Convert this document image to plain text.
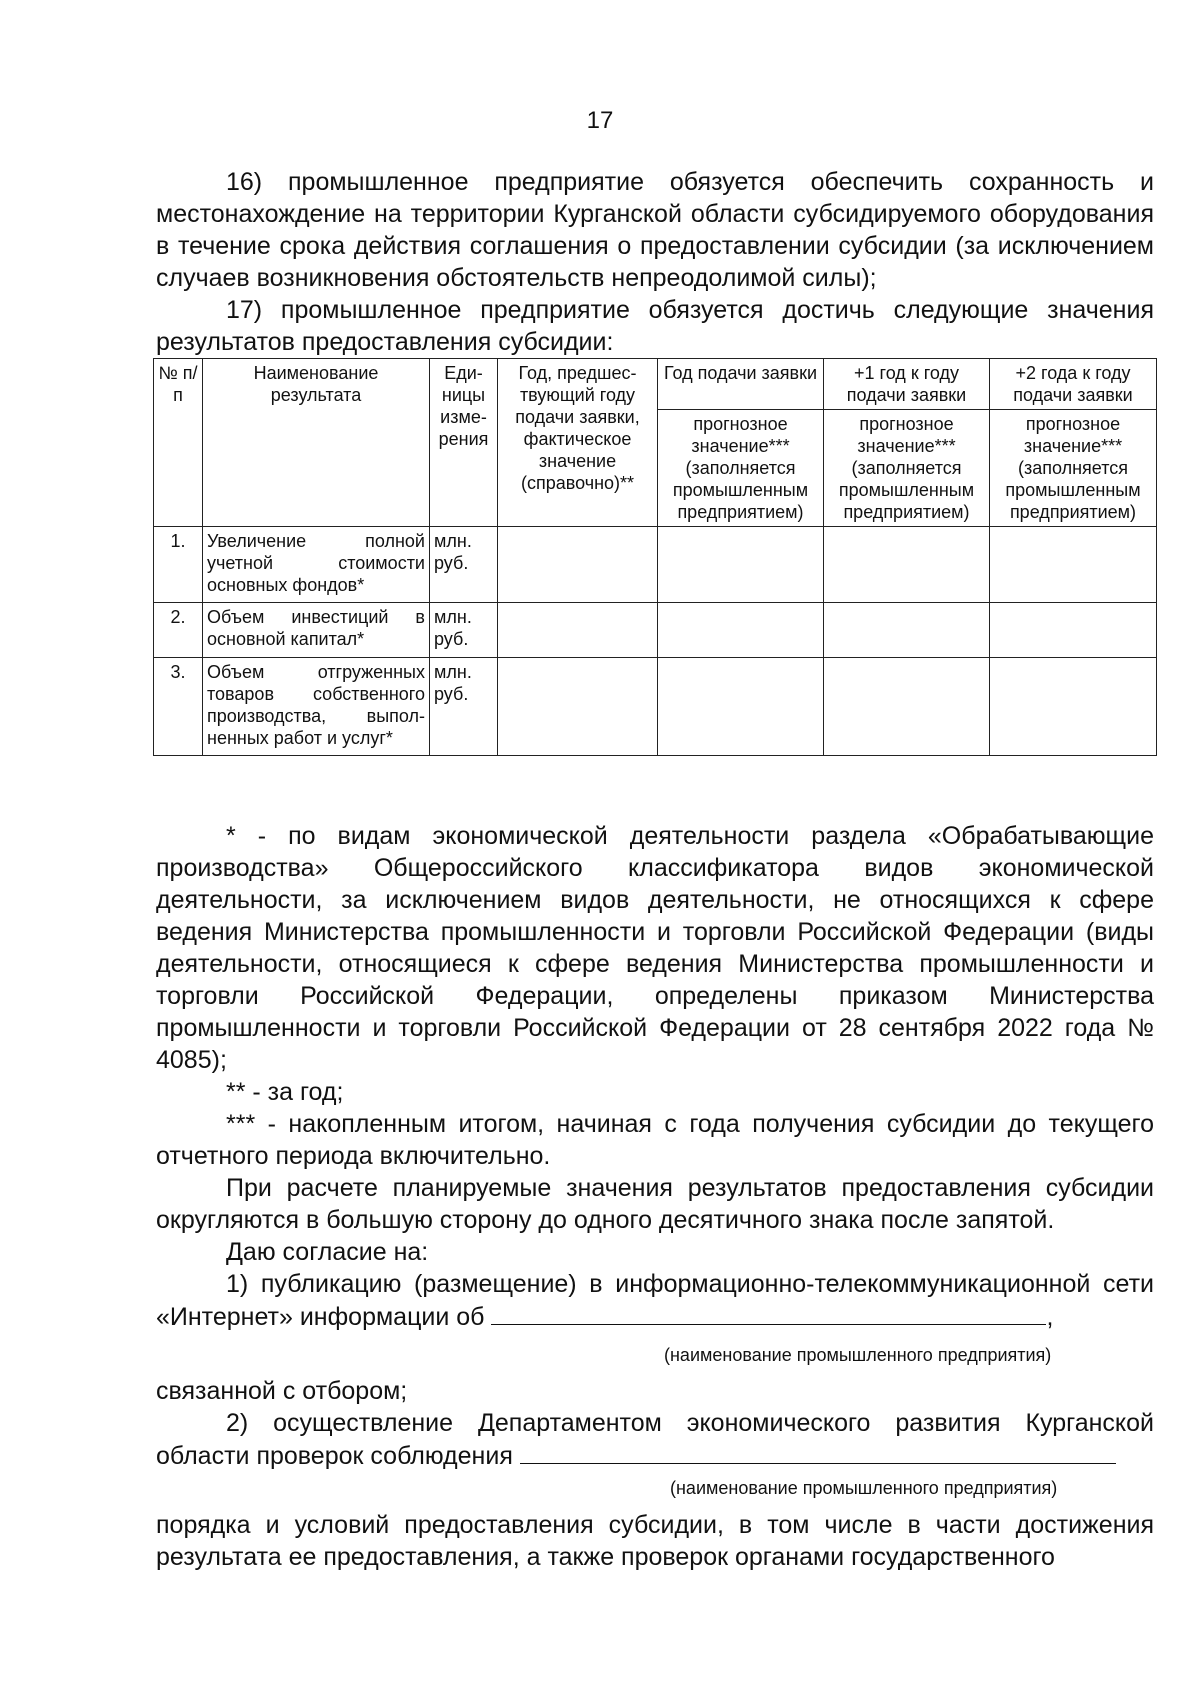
17

16) промышленное предприятие обязуется обеспечить сохранность и местонахождение на территории Курганской области субсидируемого оборудования в течение срока действия соглашения о предоставлении субсидии (за исключением случаев возникновения обстоятельств непреодолимой силы);

17) промышленное предприятие обязуется достичь следующие значения результатов предоставления субсидии:

№ п/п	Наименование результата	Еди-ницы изме-рения	Год, предшес-твующий году подачи заявки, фактическое значение (справочно)**	Год подачи заявки	+1 год к году подачи заявки	+2 года к году подачи заявки
				прогнозное значение*** (заполняется промышленным предприятием)	прогнозное значение*** (заполняется промышленным предприятием)	прогнозное значение*** (заполняется промышленным предприятием)
1.	Увеличение полной учетной стоимости основных фондов*	млн. руб.				
2.	Объем инвестиций в основной капитал*	млн. руб.				
3.	Объем отгруженных товаров собственного производства, выпол-ненных работ и услуг*	млн. руб.				

* - по видам экономической деятельности раздела «Обрабатывающие производства» Общероссийского классификатора видов экономической деятельности, за исключением видов деятельности, не относящихся к сфере ведения Министерства промышленности и торговли Российской Федерации (виды деятельности, относящиеся к сфере ведения Министерства промышленности и торговли Российской Федерации, определены приказом Министерства промышленности и торговли Российской Федерации от 28 сентября 2022 года № 4085);

** - за год;

*** - накопленным итогом, начиная с года получения субсидии до текущего отчетного периода включительно.

При расчете планируемые значения результатов предоставления субсидии округляются в большую сторону до одного десятичного знака после запятой.

Даю согласие на:

1) публикацию (размещение) в информационно-телекоммуникационной сети «Интернет» информации об	,

(наименование промышленного предприятия)

связанной с отбором;

2) осуществление Департаментом экономического развития Курганской области проверок соблюдения

(наименование промышленного предприятия)

порядка и условий предоставления субсидии, в том числе в части достижения результата ее предоставления, а также проверок органами государственного
